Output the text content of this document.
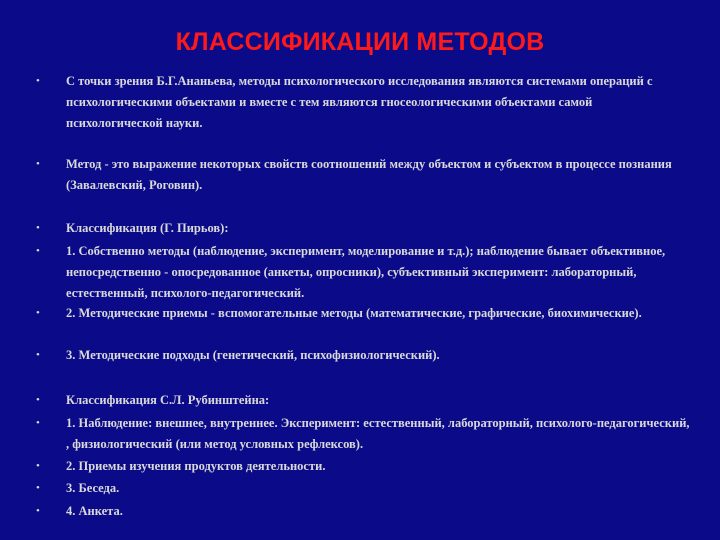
КЛАССИФИКАЦИИ МЕТОДОВ
• С точки зрения Б.Г.Ананьева, методы психологического исследования являются системами операций с психологическими объектами и вместе с тем являются гносеологическими объектами самой психологической науки.
• Метод - это выражение некоторых свойств соотношений между объектом и субъектом в процессе познания (Завалевский, Роговин).
• Классификация (Г. Пирьов):
• 1. Собственно методы (наблюдение, эксперимент, моделирование и т.д.); наблюдение бывает объективное, непосредственно - опосредованное (анкеты, опросники), субъективный эксперимент: лабораторный, естественный, психолого-педагогический.
• 2. Методические приемы - вспомогательные методы (математические, графические, биохимические).
• 3. Методические подходы (генетический, психофизиологический).
• Классификация С.Л. Рубинштейна:
• 1. Наблюдение: внешнее, внутреннее. Эксперимент: естественный, лабораторный, психолого-педагогический, , физиологический (или метод условных рефлексов).
• 2. Приемы изучения продуктов деятельности.
• 3. Беседа.
• 4. Анкета.
